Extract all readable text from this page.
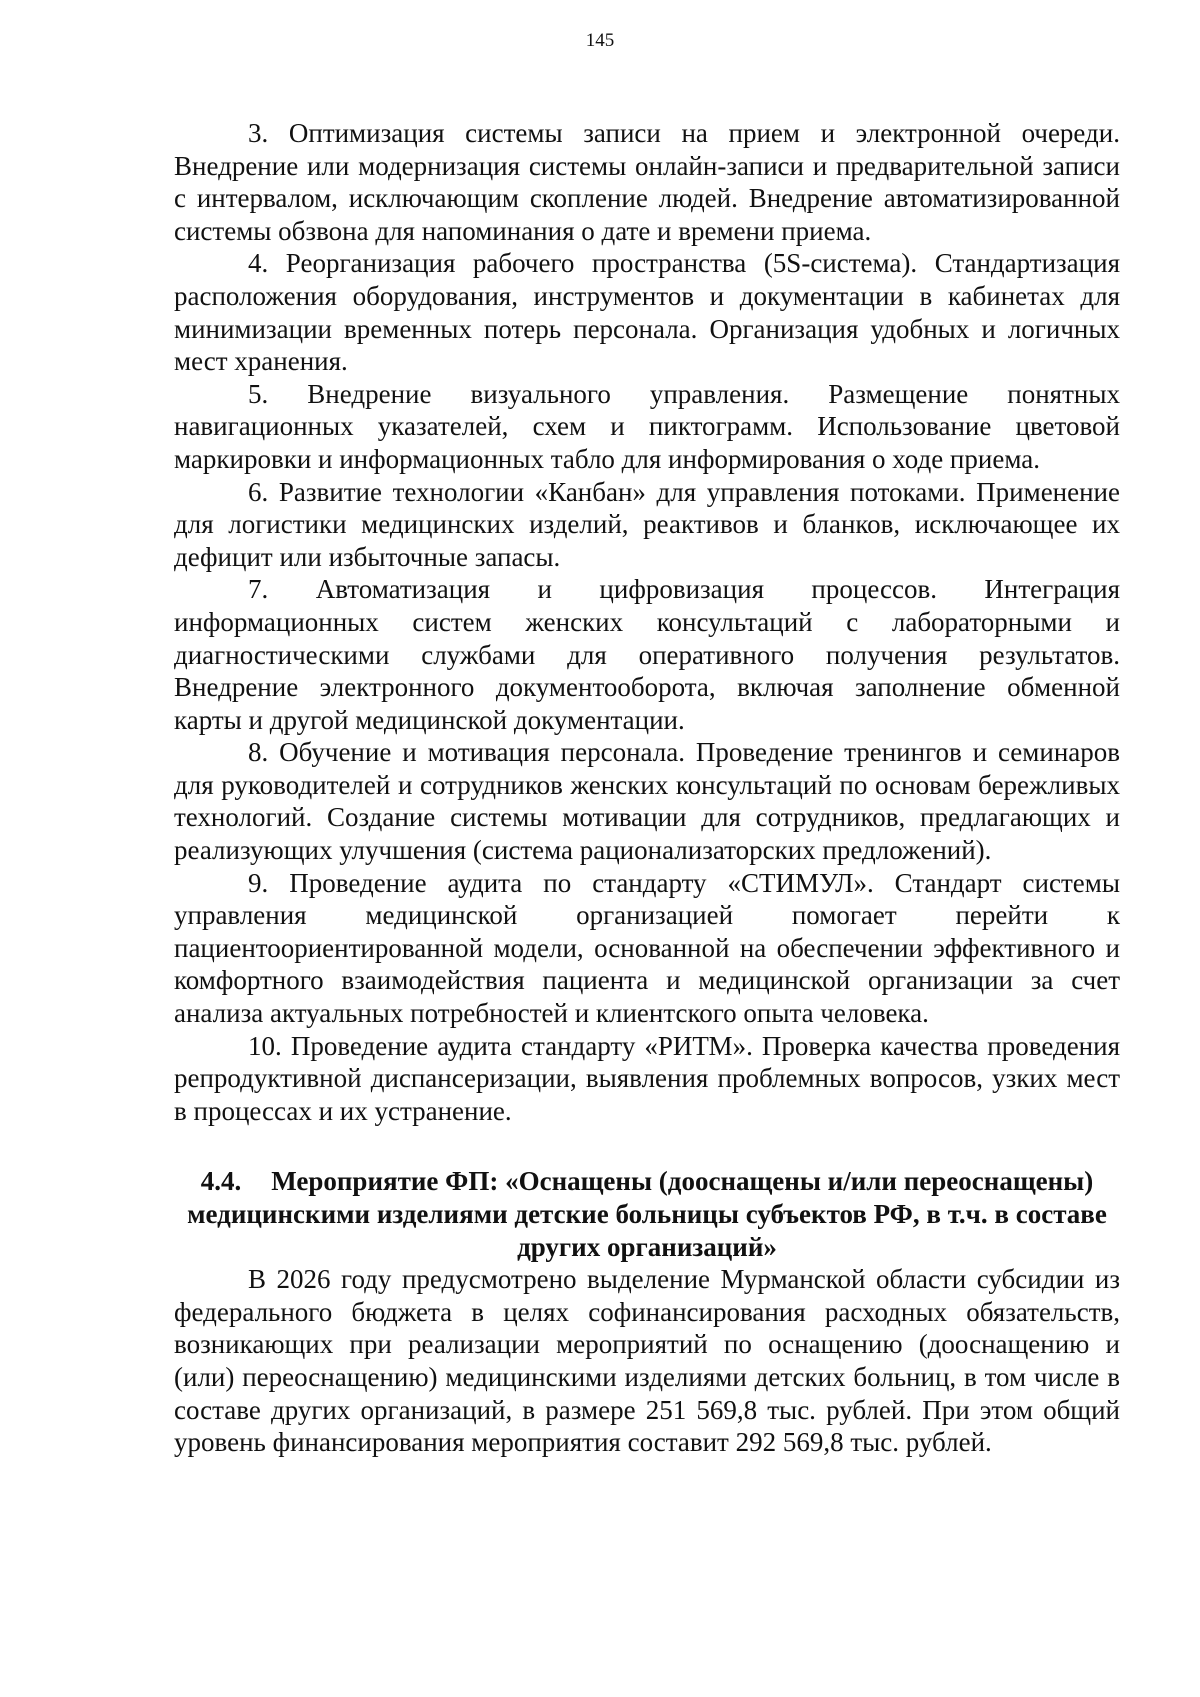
145

3. Оптимизация системы записи на прием и электронной очереди. Внедрение или модернизация системы онлайн-записи и предварительной записи с интервалом, исключающим скопление людей. Внедрение автоматизированной системы обзвона для напоминания о дате и времени приема.

4. Реорганизация рабочего пространства (5S-система). Стандартизация расположения оборудования, инструментов и документации в кабинетах для минимизации временных потерь персонала. Организация удобных и логичных мест хранения.

5. Внедрение визуального управления. Размещение понятных навигационных указателей, схем и пиктограмм. Использование цветовой маркировки и информационных табло для информирования о ходе приема.

6. Развитие технологии «Канбан» для управления потоками. Применение для логистики медицинских изделий, реактивов и бланков, исключающее их дефицит или избыточные запасы.

7. Автоматизация и цифровизация процессов. Интеграция информационных систем женских консультаций с лабораторными и диагностическими службами для оперативного получения результатов. Внедрение электронного документооборота, включая заполнение обменной карты и другой медицинской документации.

8. Обучение и мотивация персонала. Проведение тренингов и семинаров для руководителей и сотрудников женских консультаций по основам бережливых технологий. Создание системы мотивации для сотрудников, предлагающих и реализующих улучшения (система рационализаторских предложений).

9. Проведение аудита по стандарту «СТИМУЛ». Стандарт системы управления медицинской организацией помогает перейти к пациентоориентированной модели, основанной на обеспечении эффективного и комфортного взаимодействия пациента и медицинской организации за счет анализа актуальных потребностей и клиентского опыта человека.

10. Проведение аудита стандарту «РИТМ». Проверка качества проведения репродуктивной диспансеризации, выявления проблемных вопросов, узких мест в процессах и их устранение.

4.4. Мероприятие ФП: «Оснащены (дооснащены и/или переоснащены) медицинскими изделиями детские больницы субъектов РФ, в т.ч. в составе других организаций»

В 2026 году предусмотрено выделение Мурманской области субсидии из федерального бюджета в целях софинансирования расходных обязательств, возникающих при реализации мероприятий по оснащению (дооснащению и (или) переоснащению) медицинскими изделиями детских больниц, в том числе в составе других организаций, в размере 251 569,8 тыс. рублей. При этом общий уровень финансирования мероприятия составит 292 569,8 тыс. рублей.
